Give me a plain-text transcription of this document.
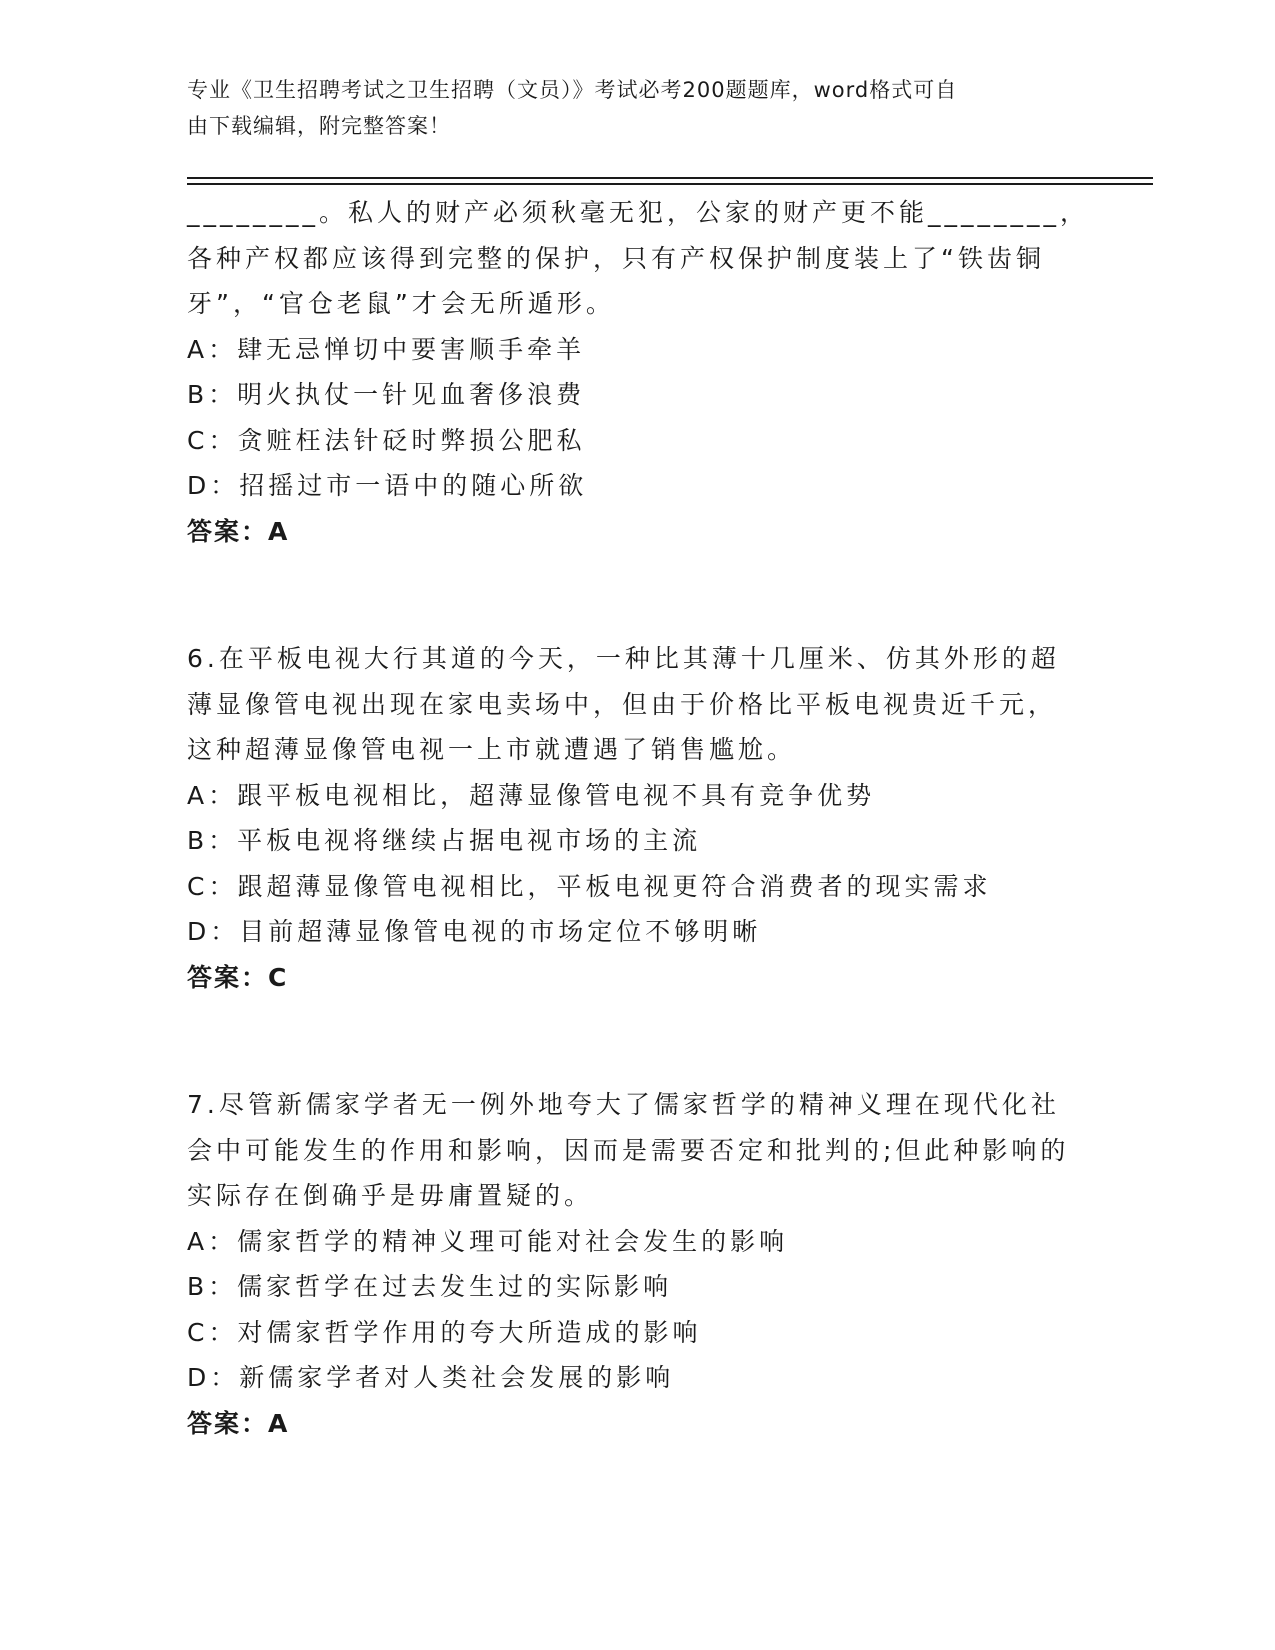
专业《卫生招聘考试之卫生招聘（文员）》考试必考200题题库，word格式可自
由下载编辑，附完整答案！
________。私人的财产必须秋毫无犯，公家的财产更不能________，
各种产权都应该得到完整的保护，只有产权保护制度装上了“铁齿铜
牙”，“官仓老鼠”才会无所遁形。
A：肆无忌惮切中要害顺手牵羊
B：明火执仗一针见血奢侈浪费
C：贪赃枉法针砭时弊损公肥私
D：招摇过市一语中的随心所欲
答案：A
6.在平板电视大行其道的今天，一种比其薄十几厘米、仿其外形的超
薄显像管电视出现在家电卖场中，但由于价格比平板电视贵近千元，
这种超薄显像管电视一上市就遭遇了销售尴尬。
A：跟平板电视相比，超薄显像管电视不具有竞争优势
B：平板电视将继续占据电视市场的主流
C：跟超薄显像管电视相比，平板电视更符合消费者的现实需求
D：目前超薄显像管电视的市场定位不够明晰
答案：C
7.尽管新儒家学者无一例外地夸大了儒家哲学的精神义理在现代化社
会中可能发生的作用和影响，因而是需要否定和批判的;但此种影响的
实际存在倒确乎是毋庸置疑的。
A：儒家哲学的精神义理可能对社会发生的影响
B：儒家哲学在过去发生过的实际影响
C：对儒家哲学作用的夸大所造成的影响
D：新儒家学者对人类社会发展的影响
答案：A
